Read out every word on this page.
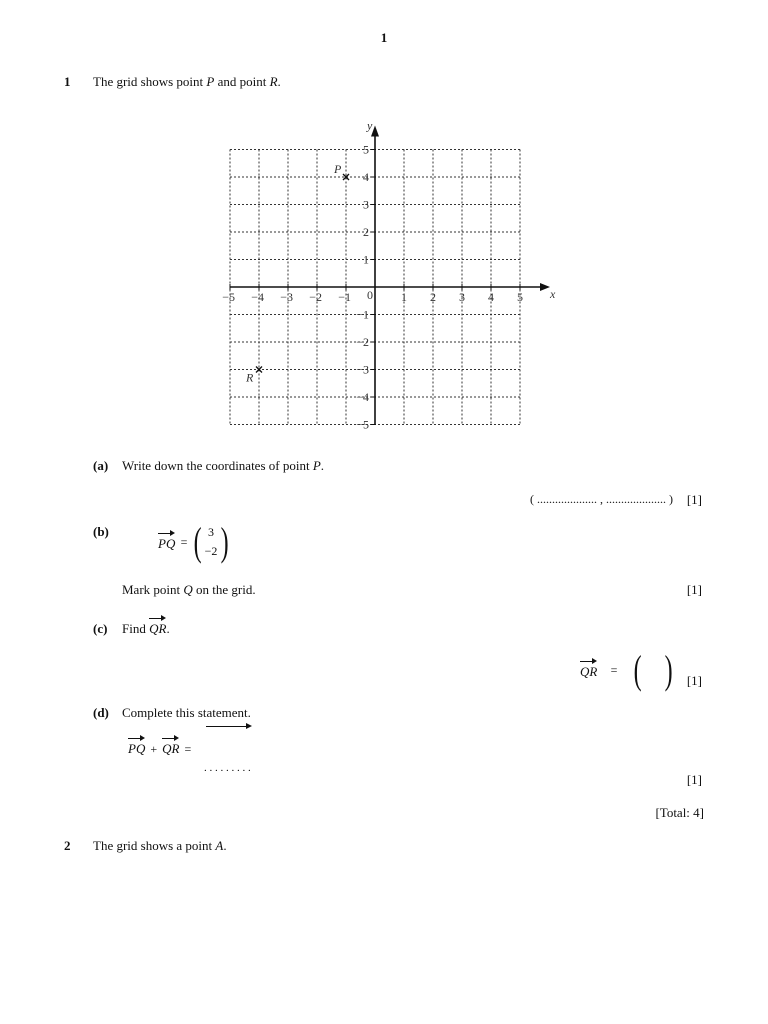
1
1 The grid shows point P and point R.
x
y
0
−5 −4 −3 −2 −1	1 2 3 4 5
5
4
3
2
1
−1
−2
−3
−4
−5
P
R
(a) Write down the coordinates of point P.
( .................... , .................... ) [1]
(b)
PQ = ( 3
−2 )
Mark point Q on the grid.	[1]
(c) Find QR.
QR = ( ) [1]
(d) Complete this statement.
PQ + QR =
. . . . . . . . .
[1]
[Total: 4]
2 The grid shows a point A.
